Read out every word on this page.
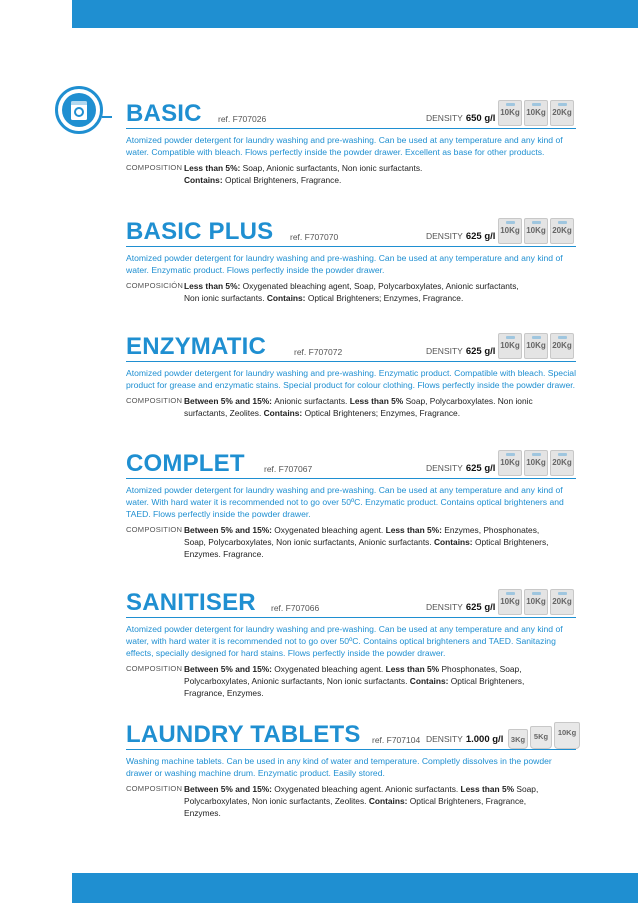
BASIC ref. F707026	DENSITY 650 g/l
10Kg 10Kg 20Kg
Atomized powder detergent for laundry washing and pre-washing. Can be used at any temperature and any kind of water. Compatible with bleach. Flows perfectly inside the powder drawer. Excellent as base for other products.
COMPOSITION Less than 5%: Soap, Anionic surfactants, Non ionic surfactants.
Contains: Optical Brighteners, Fragrance.
BASIC PLUS ref. F707070	DENSITY 625 g/l
10Kg 10Kg 20Kg
Atomized powder detergent for laundry washing and pre-washing. Can be used at any temperature and any kind of water. Enzymatic product. Flows perfectly inside the powder drawer.
COMPOSICIÓN Less than 5%: Oxygenated bleaching agent, Soap, Polycarboxylates, Anionic surfactants,
Non ionic surfactants. Contains: Optical Brighteners; Enzymes, Fragrance.
ENZYMATIC	ref. F707072	DENSITY 625 g/l
10Kg 10Kg 20Kg
Atomized powder detergent for laundry washing and pre-washing. Enzymatic product. Compatible with bleach. Special product for grease and enzymatic stains. Special product for colour clothing. Flows perfectly inside the powder drawer.
COMPOSITION Between 5% and 15%: Anionic surfactants. Less than 5% Soap, Polycarboxylates. Non ionic
surfactants, Zeolites. Contains: Optical Brighteners; Enzymes, Fragrance.
COMPLET ref. F707067	DENSITY 625 g/l
10Kg 10Kg 20Kg
Atomized powder detergent for laundry washing and pre-washing. Can be used at any temperature and any kind of water. With hard water it is recommended not to go over 50ºC. Enzymatic product. Contains optical brighteners and TAED. Flows perfectly inside the powder drawer.
COMPOSITION Between 5% and 15%: Oxygenated bleaching agent. Less than 5%: Enzymes, Phosphonates,
Soap, Polycarboxylates, Non ionic surfactants, Anionic surfactants. Contains: Optical Brighteners,
Enzymes. Fragrance.
SANITISER ref. F707066	DENSITY 625 g/l
10Kg 10Kg 20Kg
Atomized powder detergent for laundry washing and pre-washing. Can be used at any temperature and any kind of water, with hard water it is recommended not to go over 50ºC. Contains optical brighteners and TAED. Sanitazing effects, specially designed for hard stains. Flows perfectly inside the powder drawer.
COMPOSITION Between 5% and 15%: Oxygenated bleaching agent. Less than 5% Phosphonates, Soap,
Polycarboxylates, Anionic surfactants, Non ionic surfactants. Contains: Optical Brighteners,
Fragrance, Enzymes.
LAUNDRY TABLETS ref. F707104 DENSITY 1.000 g/l 3Kg	5Kg	10Kg
Washing machine tablets. Can be used in any kind of water and temperature. Completly dissolves in the powder drawer or washing machine drum. Enzymatic product. Easily stored.
COMPOSITION Between 5% and 15%: Oxygenated bleaching agent. Anionic surfactants. Less than 5% Soap,
Polycarboxylates, Non ionic surfactants, Zeolites. Contains: Optical Brighteners, Fragrance,
Enzymes.
